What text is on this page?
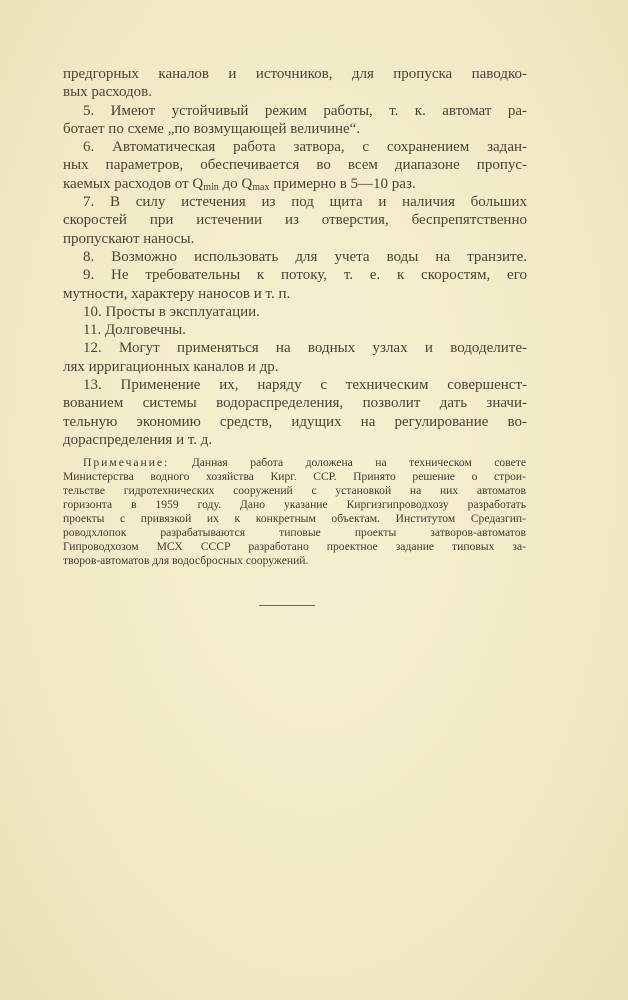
предгорных каналов и источников, для пропуска паводко-
вых расходов.
5. Имеют устойчивый режим работы, т. к. автомат ра-
ботает по схеме „по возмущающей величине“.
6. Автоматическая работа затвора, с сохранением задан-
ных параметров, обеспечивается во всем диапазоне пропус-
каемых расходов от $Q_{min}$ до $Q_{max}$ примерно в 5—10 раз.
7. В силу истечения из под щита и наличия больших
скоростей при истечении из отверстия, беспрепятственно
пропускают наносы.
8. Возможно использовать для учета воды на транзите.
9. Не требовательны к потоку, т. е. к скоростям, его
мутности, характеру наносов и т. п.
10. Просты в эксплуатации.
11. Долговечны.
12. Могут применяться на водных узлах и вододелите-
лях ирригационных каналов и др.
13. Применение их, наряду с техническим совершенст-
вованием системы водораспределения, позволит дать значи-
тельную экономию средств, идущих на регулирование во-
дораспределения и т. д.
Примечание: Данная работа доложена на техническом совете
Министерства водного хозяйства Кирг. ССР. Принято решение о строи-
тельстве гидротехнических сооружений с установкой на них автоматов
горизонта в 1959 году. Дано указание Киргизгипроводхозу разработать
проекты с привязкой их к конкретным объектам. Институтом Средазгип-
роводхлопок разрабатываются типовые проекты затворов-автоматов
Гипроводхозом МСХ СССР разработано проектное задание типовых за-
творов-автоматов для водосбросных сооружений.
